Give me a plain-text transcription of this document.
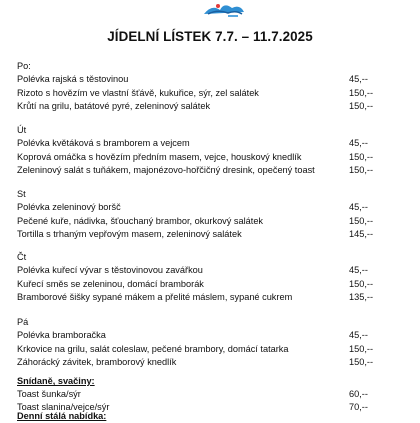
JÍDELNÍ LÍSTEK 7.7. – 11.7.2025
Po:
Polévka rajská s těstovinou	45,--
Rizoto s hovězím ve vlastní šťávě, kukuřice, sýr, zel salátek	150,--
Krůtí na grilu, batátové pyré, zeleninový salátek	150,--
Út
Polévka květáková s bramborem a vejcem	45,--
Koprová omáčka s hovězím předním masem, vejce, houskový knedlík	150,--
Zeleninový salát s tuňákem, majonézovo-hořčičný dresink, opečený toast	150,--
St
Polévka zeleninový boršč	45,--
Pečené kuře, nádivka, šťouchaný brambor, okurkový salátek	150,--
Tortilla s trhaným vepřovým masem, zeleninový salátek	145,--
Čt
Polévka kuřecí vývar s těstovinovou zavářkou	45,--
Kuřecí směs se zeleninou, domácí bramborák	150,--
Bramborové šišky sypané mákem a přelité máslem, sypané cukrem	135,--
Pá
Polévka bramboračka	45,--
Krkovice na grilu, salát coleslaw, pečené brambory, domácí tatarka	150,--
Záhorácký závitek, bramborový knedlík	150,--
Snídaně, svačiny:
Toast šunka/sýr	60,--
Toast slanina/vejce/sýr	70,--
Denní stálá nabídka:
